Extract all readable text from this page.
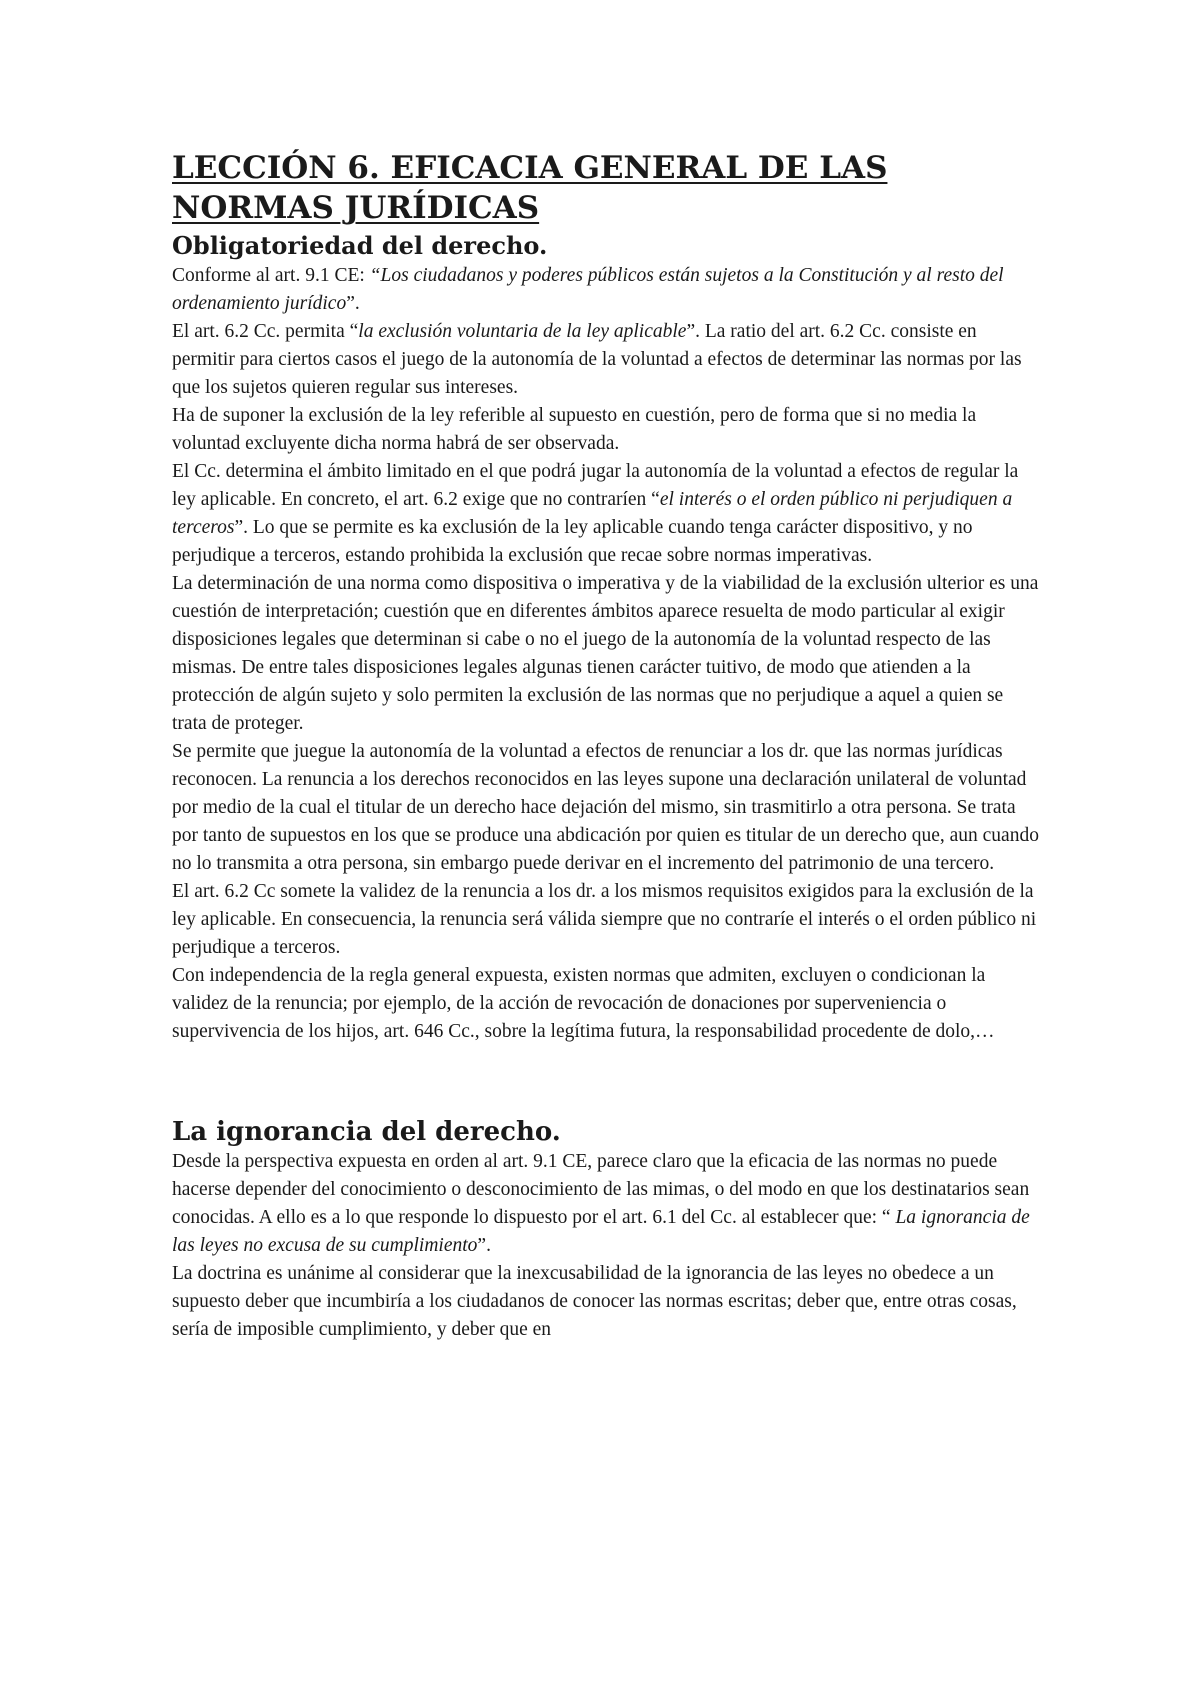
LECCIÓN 6. EFICACIA GENERAL DE LAS NORMAS JURÍDICAS
Obligatoriedad del derecho.

Conforme al art. 9.1 CE: “Los ciudadanos y poderes públicos están sujetos a la Constitución y al resto del ordenamiento jurídico”.

El art. 6.2 Cc. permita “la exclusión voluntaria de la ley aplicable”. La ratio del art. 6.2 Cc. consiste en permitir para ciertos casos el juego de la autonomía de la voluntad a efectos de determinar las normas por las que los sujetos quieren regular sus intereses.

Ha de suponer la exclusión de la ley referible al supuesto en cuestión, pero de forma que si no media la voluntad excluyente dicha norma habrá de ser observada.

El Cc. determina el ámbito limitado en el que podrá jugar la autonomía de la voluntad a efectos de regular la ley aplicable. En concreto, el art. 6.2 exige que no contraríen “el interés o el orden público ni perjudiquen a terceros”. Lo que se permite es ka exclusión de la ley aplicable cuando tenga carácter dispositivo, y no perjudique a terceros, estando prohibida la exclusión que recae sobre normas imperativas.

La determinación de una norma como dispositiva o imperativa y de la viabilidad de la exclusión ulterior es una cuestión de interpretación; cuestión que en diferentes ámbitos aparece resuelta de modo particular al exigir disposiciones legales que determinan si cabe o no el juego de la autonomía de la voluntad respecto de las mismas. De entre tales disposiciones legales algunas tienen carácter tuitivo, de modo que atienden a la protección de algún sujeto y solo permiten la exclusión de las normas que no perjudique a aquel a quien se trata de proteger.

Se permite que juegue la autonomía de la voluntad a efectos de renunciar a los dr. que las normas jurídicas reconocen. La renuncia a los derechos reconocidos en las leyes supone una declaración unilateral de voluntad por medio de la cual el titular de un derecho hace dejación del mismo, sin trasmitirlo a otra persona. Se trata por tanto de supuestos en los que se produce una abdicación por quien es titular de un derecho que, aun cuando no lo transmita a otra persona, sin embargo puede derivar en el incremento del patrimonio de una tercero.

El art. 6.2 Cc somete la validez de la renuncia a los dr. a los mismos requisitos exigidos para la exclusión de la ley aplicable. En consecuencia, la renuncia será válida siempre que no contraríe el interés o el orden público ni perjudique a terceros.

Con independencia de la regla general expuesta, existen normas que admiten, excluyen o condicionan la validez de la renuncia; por ejemplo, de la acción de revocación de donaciones por superveniencia o supervivencia de los hijos, art. 646 Cc., sobre la legítima futura, la responsabilidad procedente de dolo,…

La ignorancia del derecho.

Desde la perspectiva expuesta en orden al art. 9.1 CE, parece claro que la eficacia de las normas no puede hacerse depender del conocimiento o desconocimiento de las mimas, o del modo en que los destinatarios sean conocidas. A ello es a lo que responde lo dispuesto por el art. 6.1 del Cc. al establecer que: “ La ignorancia de las leyes no excusa de su cumplimiento”.

La doctrina es unánime al considerar que la inexcusabilidad de la ignorancia de las leyes no obedece a un supuesto deber que incumbiría a los ciudadanos de conocer las normas escritas; deber que, entre otras cosas, sería de imposible cumplimiento, y deber que en
